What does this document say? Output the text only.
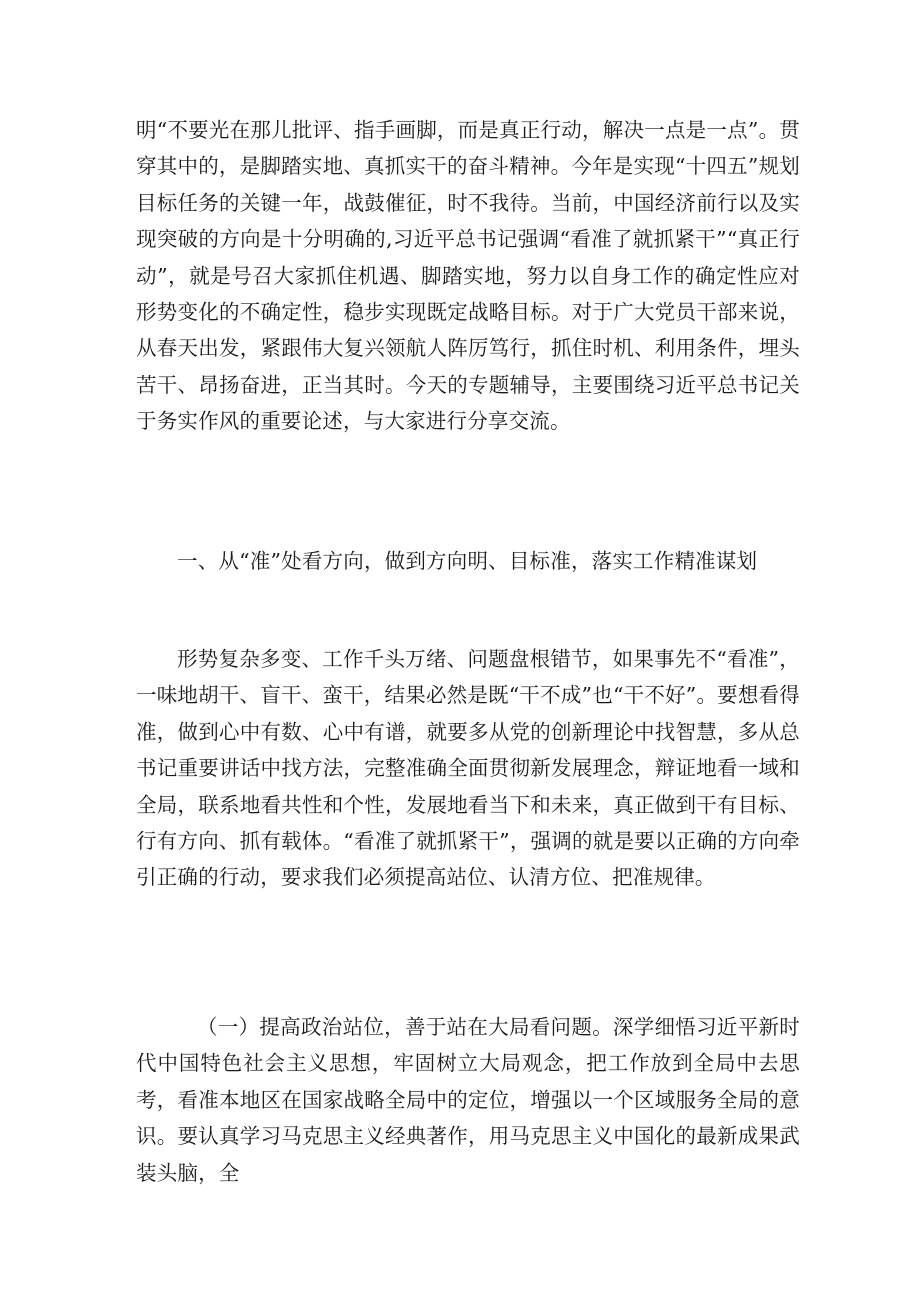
明“不要光在那儿批评、指手画脚，而是真正行动，解决一点是一点”。贯穿其中的，是脚踏实地、真抓实干的奋斗精神。今年是实现“十四五”规划目标任务的关键一年，战鼓催征，时不我待。当前，中国经济前行以及实现突破的方向是十分明确的,习近平总书记强调“看准了就抓紧干”“真正行动”，就是号召大家抓住机遇、脚踏实地，努力以自身工作的确定性应对形势变化的不确定性，稳步实现既定战略目标。对于广大党员干部来说，从春天出发，紧跟伟大复兴领航人阵厉笃行，抓住时机、利用条件，埋头苦干、昂扬奋进，正当其时。今天的专题辅导，主要围绕习近平总书记关于务实作风的重要论述，与大家进行分享交流。

一、从“准”处看方向，做到方向明、目标准，落实工作精准谋划

形势复杂多变、工作千头万绪、问题盘根错节，如果事先不“看准”，一味地胡干、盲干、蛮干，结果必然是既“干不成”也“干不好”。要想看得准，做到心中有数、心中有谱，就要多从党的创新理论中找智慧，多从总书记重要讲话中找方法，完整准确全面贯彻新发展理念，辩证地看一域和全局，联系地看共性和个性，发展地看当下和未来，真正做到干有目标、行有方向、抓有载体。“看准了就抓紧干”，强调的就是要以正确的方向牵引正确的行动，要求我们必须提高站位、认清方位、把准规律。

（一）提高政治站位，善于站在大局看问题。深学细悟习近平新时代中国特色社会主义思想，牢固树立大局观念，把工作放到全局中去思考，看准本地区在国家战略全局中的定位，增强以一个区域服务全局的意识。要认真学习马克思主义经典著作，用马克思主义中国化的最新成果武装头脑，全
